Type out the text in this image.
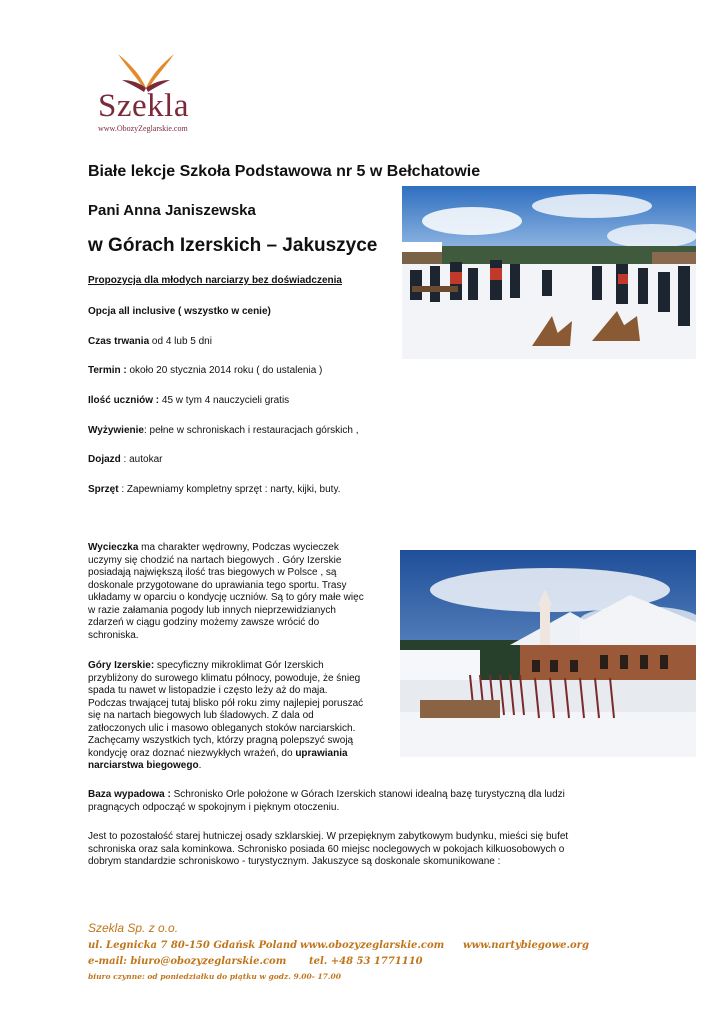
Szekla
www.ObozyZeglarskie.com
Białe lekcje Szkoła Podstawowa nr 5 w Bełchatowie
Pani Anna Janiszewska
w Górach Izerskich – Jakuszyce
Propozycja dla młodych narciarzy bez doświadczenia
Opcja all inclusive ( wszystko w cenie)
Czas trwania od 4 lub 5 dni
Termin : około 20 stycznia 2014 roku ( do ustalenia )
Ilość uczniów : 45 w tym 4 nauczycieli gratis
Wyżywienie: pełne w schroniskach i restauracjach górskich ,
Dojazd : autokar
Sprzęt : Zapewniamy kompletny sprzęt : narty, kijki, buty.
Wycieczka ma charakter wędrowny, Podczas wycieczek
uczymy się chodzić na nartach biegowych . Góry Izerskie
posiadają największą ilość tras biegowych w Polsce , są
doskonale przygotowane do uprawiania tego sportu. Trasy
układamy w oparciu o kondycję uczniów. Są to góry małe więc
w razie załamania pogody lub innych nieprzewidzianych
zdarzeń w ciągu godziny możemy zawsze wrócić do
schroniska.
Góry Izerskie: specyficzny mikroklimat Gór Izerskich
przybliżony do surowego klimatu północy, powoduje, że śnieg
spada tu nawet w listopadzie i często leży aż do maja.
Podczas trwającej tutaj blisko pół roku zimy najlepiej poruszać
się na nartach biegowych lub śladowych. Z dala od
zatłoczonych ulic i masowo obleganych stoków narciarskich.
Zachęcamy wszystkich tych, którzy pragną polepszyć swoją
kondycję oraz doznać niezwykłych wrażeń, do uprawiania
narciarstwa biegowego.
Baza wypadowa : Schronisko Orle położone w Górach Izerskich stanowi idealną bazę turystyczną dla ludzi
pragnących odpocząć w spokojnym i pięknym otoczeniu.
Jest to pozostałość starej hutniczej osady szklarskiej. W przepięknym zabytkowym budynku, mieści się bufet
schroniska oraz sala kominkowa. Schronisko posiada 60 miejsc noclegowych w pokojach kilkuosobowych o
dobrym standardzie schroniskowo - turystycznym. Jakuszyce są doskonale skomunikowane :
Szekla Sp. z o.o.
ul. Legnicka 7 80-150 Gdańsk Poland www.obozyzeglarskie.com www.nartybiegowe.org
e-mail: biuro@obozyzeglarskie.com tel. +48 53 1771110
biuro czynne: od poniedziałku do piątku w godz. 9.00- 17.00
